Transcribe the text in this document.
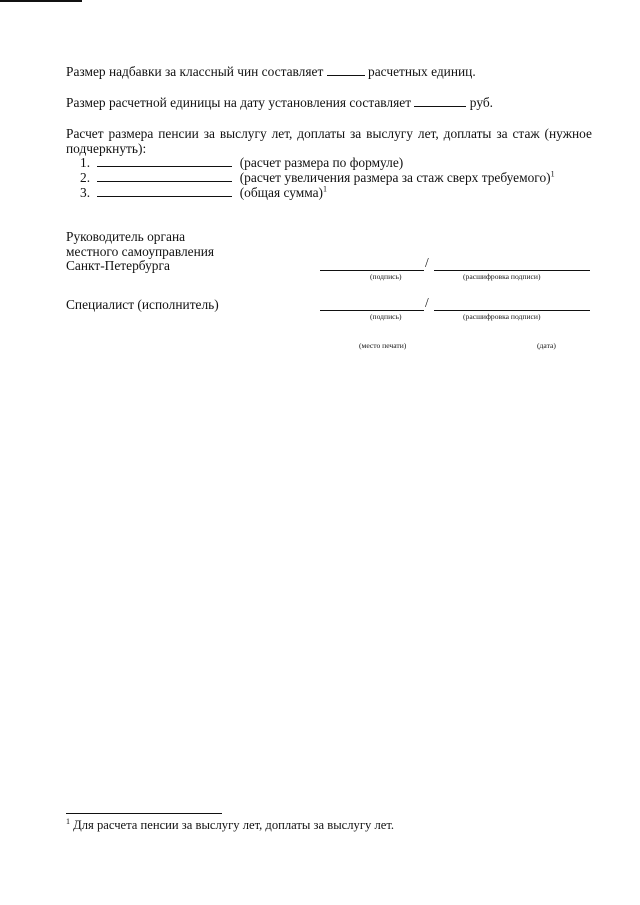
Размер надбавки за классный чин составляет	расчетных единиц.
Размер расчетной единицы на дату установления составляет	руб.
Расчет размера пенсии за выслугу лет, доплаты за выслугу лет, доплаты за стаж (нужное
подчеркнуть):
1.	(расчет размера по формуле)
2.	(расчет увеличения размера за стаж сверх требуемого)$^1$
3.	(общая сумма)$^1$
Руководитель органа
местного самоуправления
Санкт-Петербурга	/
(подпись)	(расшифровка подписи)
Специалист (исполнитель)	/
(подпись)	(расшифровка подписи)
(место печати)	(дата)
$^1$ Для расчета пенсии за выслугу лет, доплаты за выслугу лет.
